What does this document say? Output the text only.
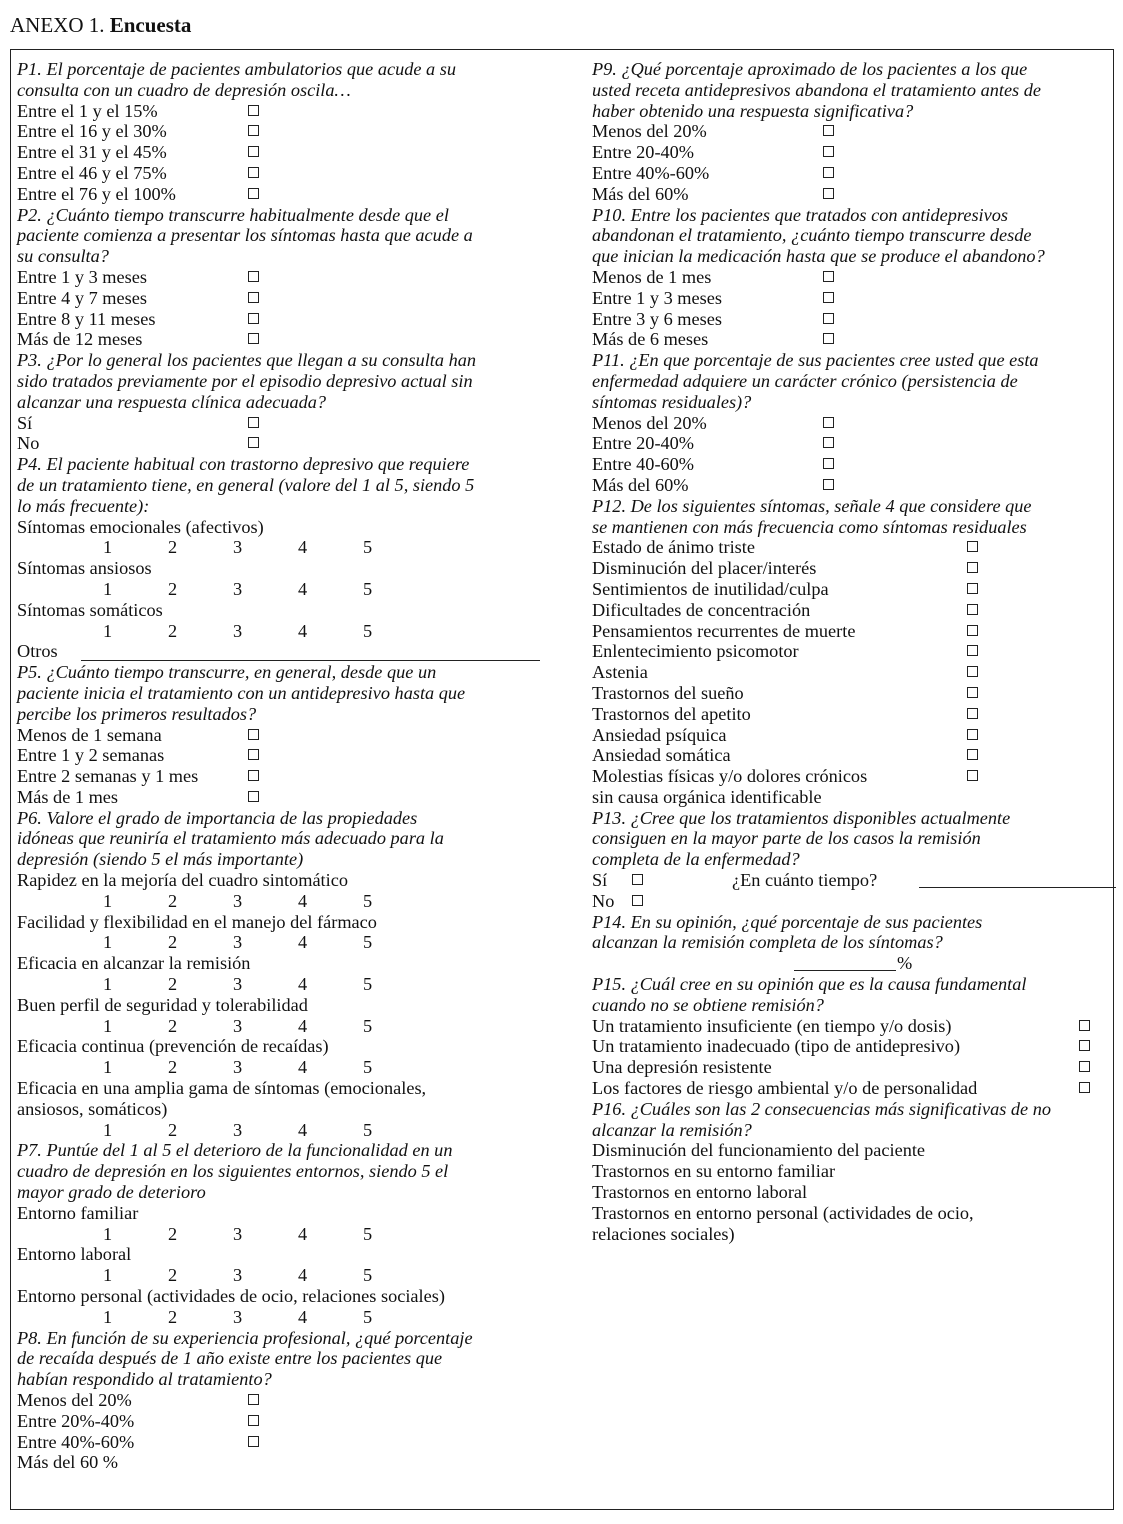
ANEXO 1. Encuesta
P1. El porcentaje de pacientes ambulatorios que acude a su
consulta con un cuadro de depresión oscila…
Entre el 1 y el 15%
Entre el 16 y el 30%
Entre el 31 y el 45%
Entre el 46 y el 75%
Entre el 76 y el 100%
P2. ¿Cuánto tiempo transcurre habitualmente desde que el
paciente comienza a presentar los síntomas hasta que acude a
su consulta?
Entre 1 y 3 meses
Entre 4 y 7 meses
Entre 8 y 11 meses
Más de 12 meses
P3. ¿Por lo general los pacientes que llegan a su consulta han
sido tratados previamente por el episodio depresivo actual sin
alcanzar una respuesta clínica adecuada?
Sí
No
P4. El paciente habitual con trastorno depresivo que requiere
de un tratamiento tiene, en general (valore del 1 al 5, siendo 5
lo más frecuente):
Síntomas emocionales (afectivos)
1	2	3	4	5
Síntomas ansiosos
1	2	3	4	5
Síntomas somáticos
1	2	3	4	5
Otros
P5. ¿Cuánto tiempo transcurre, en general, desde que un
paciente inicia el tratamiento con un antidepresivo hasta que
percibe los primeros resultados?
Menos de 1 semana
Entre 1 y 2 semanas
Entre 2 semanas y 1 mes
Más de 1 mes
P6. Valore el grado de importancia de las propiedades
idóneas que reuniría el tratamiento más adecuado para la
depresión (siendo 5 el más importante)
Rapidez en la mejoría del cuadro sintomático
1	2	3	4	5
Facilidad y flexibilidad en el manejo del fármaco
1	2	3	4	5
Eficacia en alcanzar la remisión
1	2	3	4	5
Buen perfil de seguridad y tolerabilidad
1	2	3	4	5
Eficacia continua (prevención de recaídas)
1	2	3	4	5
Eficacia en una amplia gama de síntomas (emocionales,
ansiosos, somáticos)
1	2	3	4	5
P7. Puntúe del 1 al 5 el deterioro de la funcionalidad en un
cuadro de depresión en los siguientes entornos, siendo 5 el
mayor grado de deterioro
Entorno familiar
1	2	3	4	5
Entorno laboral
1	2	3	4	5
Entorno personal (actividades de ocio, relaciones sociales)
1	2	3	4	5
P8. En función de su experiencia profesional, ¿qué porcentaje
de recaída después de 1 año existe entre los pacientes que
habían respondido al tratamiento?
Menos del 20%
Entre 20%-40%
Entre 40%-60%
Más del 60 %
P9. ¿Qué porcentaje aproximado de los pacientes a los que
usted receta antidepresivos abandona el tratamiento antes de
haber obtenido una respuesta significativa?
Menos del 20%
Entre 20-40%
Entre 40%-60%
Más del 60%
P10. Entre los pacientes que tratados con antidepresivos
abandonan el tratamiento, ¿cuánto tiempo transcurre desde
que inician la medicación hasta que se produce el abandono?
Menos de 1 mes
Entre 1 y 3 meses
Entre 3 y 6 meses
Más de 6 meses
P11. ¿En que porcentaje de sus pacientes cree usted que esta
enfermedad adquiere un carácter crónico (persistencia de
síntomas residuales)?
Menos del 20%
Entre 20-40%
Entre 40-60%
Más del 60%
P12. De los siguientes síntomas, señale 4 que considere que
se mantienen con más frecuencia como síntomas residuales
Estado de ánimo triste
Disminución del placer/interés
Sentimientos de inutilidad/culpa
Dificultades de concentración
Pensamientos recurrentes de muerte
Enlentecimiento psicomotor
Astenia
Trastornos del sueño
Trastornos del apetito
Ansiedad psíquica
Ansiedad somática
Molestias físicas y/o dolores crónicos
sin causa orgánica identificable
P13. ¿Cree que los tratamientos disponibles actualmente
consiguen en la mayor parte de los casos la remisión
completa de la enfermedad?
Sí	¿En cuánto tiempo?
No
P14. En su opinión, ¿qué porcentaje de sus pacientes
alcanzan la remisión completa de los síntomas?
%
P15. ¿Cuál cree en su opinión que es la causa fundamental
cuando no se obtiene remisión?
Un tratamiento insuficiente (en tiempo y/o dosis)
Un tratamiento inadecuado (tipo de antidepresivo)
Una depresión resistente
Los factores de riesgo ambiental y/o de personalidad
P16. ¿Cuáles son las 2 consecuencias más significativas de no
alcanzar la remisión?
Disminución del funcionamiento del paciente
Trastornos en su entorno familiar
Trastornos en entorno laboral
Trastornos en entorno personal (actividades de ocio,
relaciones sociales)
